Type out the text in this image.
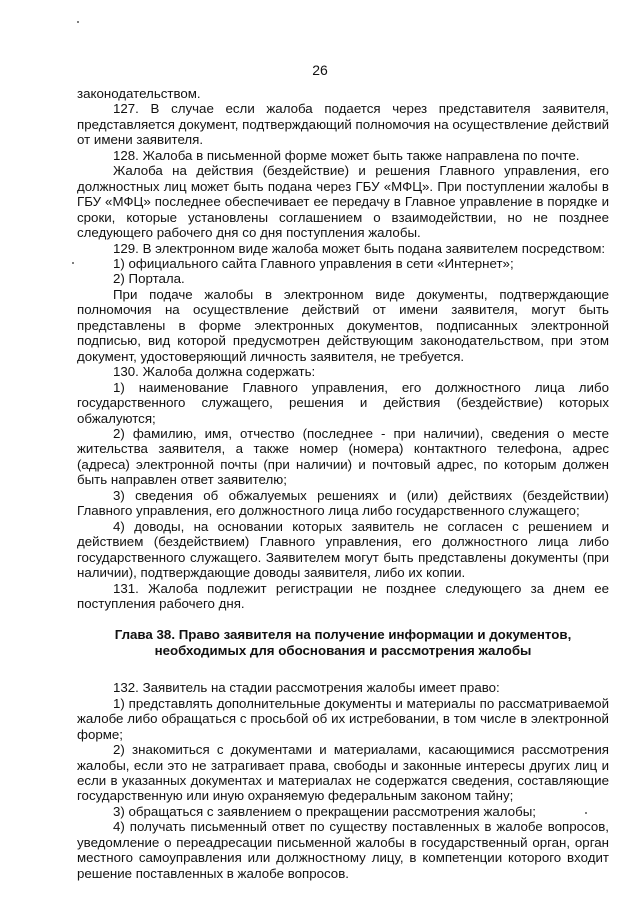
26

законодательством.

127. В случае если жалоба подается через представителя заявителя, представляется документ, подтверждающий полномочия на осуществление действий от имени заявителя.

128. Жалоба в письменной форме может быть также направлена по почте.

Жалоба на действия (бездействие) и решения Главного управления, его должностных лиц может быть подана через ГБУ «МФЦ». При поступлении жалобы в ГБУ «МФЦ» последнее обеспечивает ее передачу в Главное управление в порядке и сроки, которые установлены соглашением о взаимодействии, но не позднее следующего рабочего дня со дня поступления жалобы.

129. В электронном виде жалоба может быть подана заявителем посредством:

1) официального сайта Главного управления в сети «Интернет»;

2) Портала.

При подаче жалобы в электронном виде документы, подтверждающие полномочия на осуществление действий от имени заявителя, могут быть представлены в форме электронных документов, подписанных электронной подписью, вид которой предусмотрен действующим законодательством, при этом документ, удостоверяющий личность заявителя, не требуется.

130. Жалоба должна содержать:

1) наименование Главного управления, его должностного лица либо государственного служащего, решения и действия (бездействие) которых обжалуются;

2) фамилию, имя, отчество (последнее - при наличии), сведения о месте жительства заявителя, а также номер (номера) контактного телефона, адрес (адреса) электронной почты (при наличии) и почтовый адрес, по которым должен быть направлен ответ заявителю;

3) сведения об обжалуемых решениях и (или) действиях (бездействии) Главного управления, его должностного лица либо государственного служащего;

4) доводы, на основании которых заявитель не согласен с решением и действием (бездействием) Главного управления, его должностного лица либо государственного служащего. Заявителем могут быть представлены документы (при наличии), подтверждающие доводы заявителя, либо их копии.

131. Жалоба подлежит регистрации не позднее следующего за днем ее поступления рабочего дня.

Глава 38. Право заявителя на получение информации и документов, необходимых для обоснования и рассмотрения жалобы

132. Заявитель на стадии рассмотрения жалобы имеет право:

1) представлять дополнительные документы и материалы по рассматриваемой жалобе либо обращаться с просьбой об их истребовании, в том числе в электронной форме;

2) знакомиться с документами и материалами, касающимися рассмотрения жалобы, если это не затрагивает права, свободы и законные интересы других лиц и если в указанных документах и материалах не содержатся сведения, составляющие государственную или иную охраняемую федеральным законом тайну;

3) обращаться с заявлением о прекращении рассмотрения жалобы;

4) получать письменный ответ по существу поставленных в жалобе вопросов, уведомление о переадресации письменной жалобы в государственный орган, орган местного самоуправления или должностному лицу, в компетенции которого входит решение поставленных в жалобе вопросов.
